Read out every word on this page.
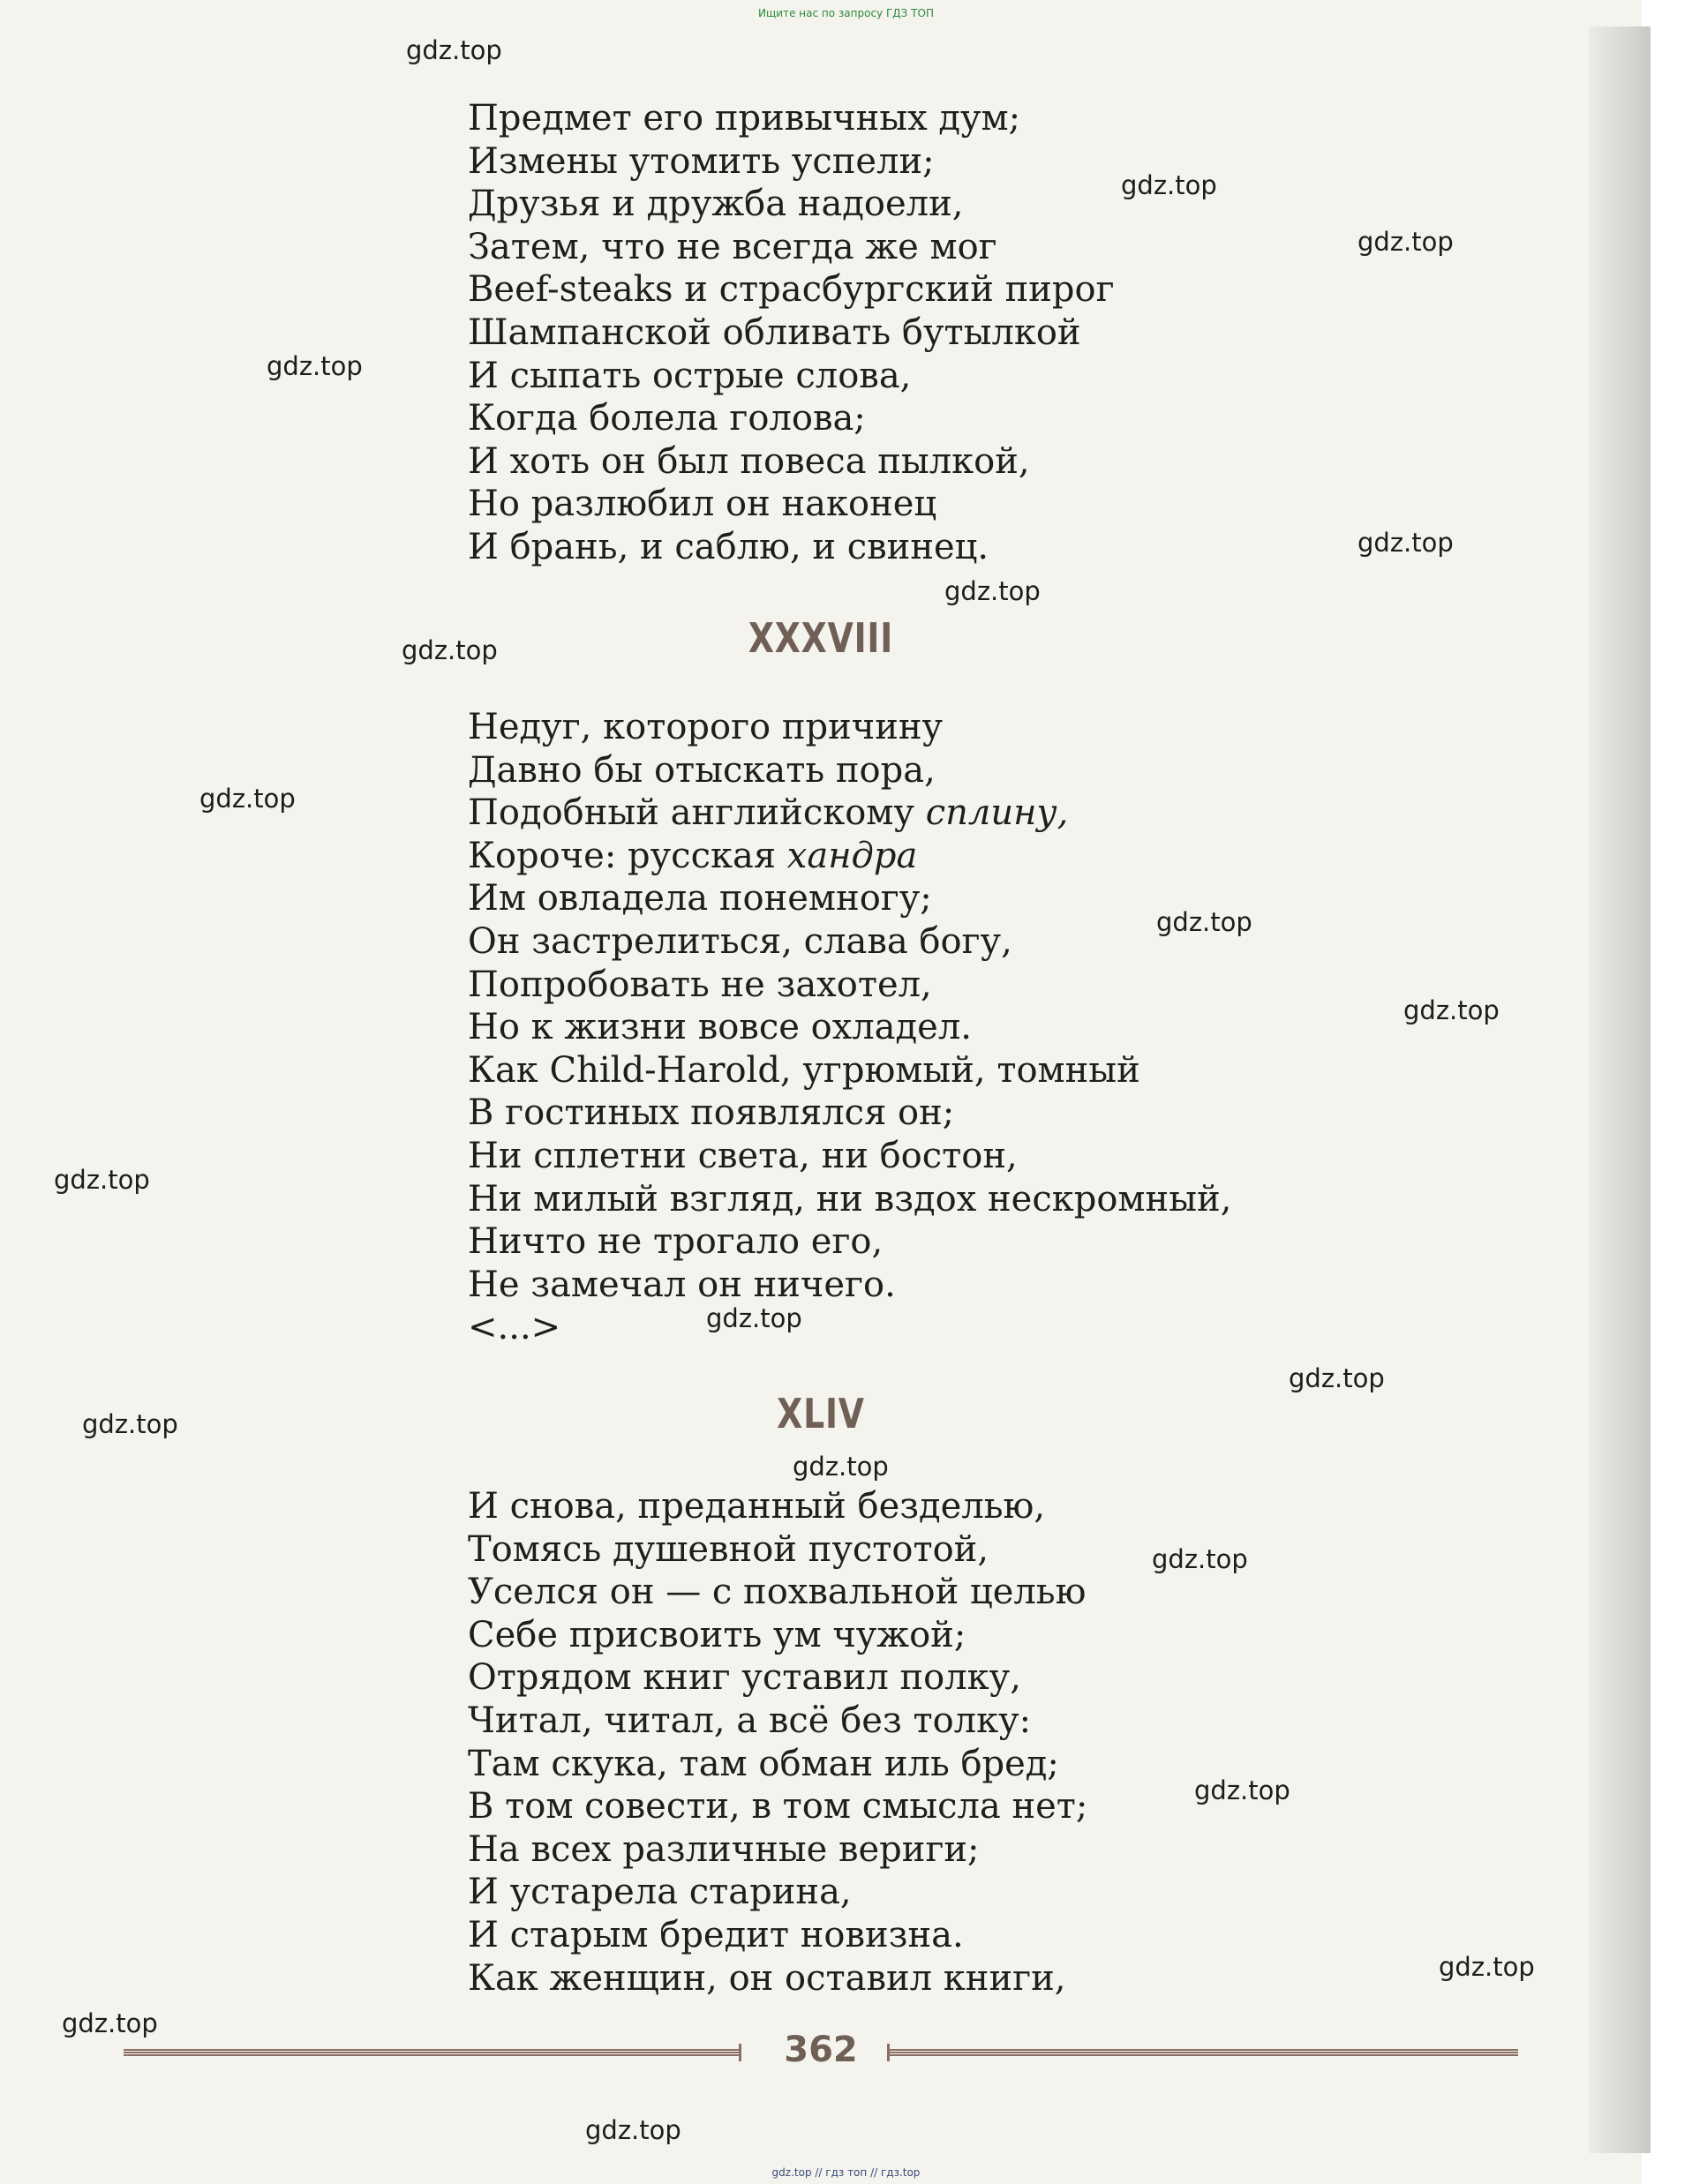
Предмет его привычных дум;
Измены утомить успели;
Друзья и дружба надоели,
Затем, что не всегда же мог
Beef-steaks и страсбургский пирог
Шампанской обливать бутылкой
И сыпать острые слова,
Когда болела голова;
И хоть он был повеса пылкой,
Но разлюбил он наконец
И брань, и саблю, и свинец.
XXXVIII
Недуг, которого причину
Давно бы отыскать пора,
Подобный английскому сплину,
Короче: русская хандра
Им овладела понемногу;
Он застрелиться, слава богу,
Попробовать не захотел,
Но к жизни вовсе охладел.
Как Child-Harold, угрюмый, томный
В гостиных появлялся он;
Ни сплетни света, ни бостон,
Ни милый взгляд, ни вздох нескромный,
Ничто не трогало его,
Не замечал он ничего.
<...>
XLIV
И снова, преданный безделью,
Томясь душевной пустотой,
Уселся он — с похвальной целью
Себе присвоить ум чужой;
Отрядом книг уставил полку,
Читал, читал, а всё без толку:
Там скука, там обман иль бред;
В том совести, в том смысла нет;
На всех различные вериги;
И устарела старина,
И старым бредит новизна.
Как женщин, он оставил книги,
362
gdz.top
gdz.top
gdz.top
gdz.top
gdz.top
gdz.top
gdz.top
gdz.top
gdz.top
gdz.top
gdz.top
gdz.top
gdz.top
gdz.top
gdz.top
gdz.top
gdz.top
gdz.top
gdz.top
gdz.top
Ищите нас по запросу ГДЗ ТОП
gdz.top // гдз топ // гдз.top
